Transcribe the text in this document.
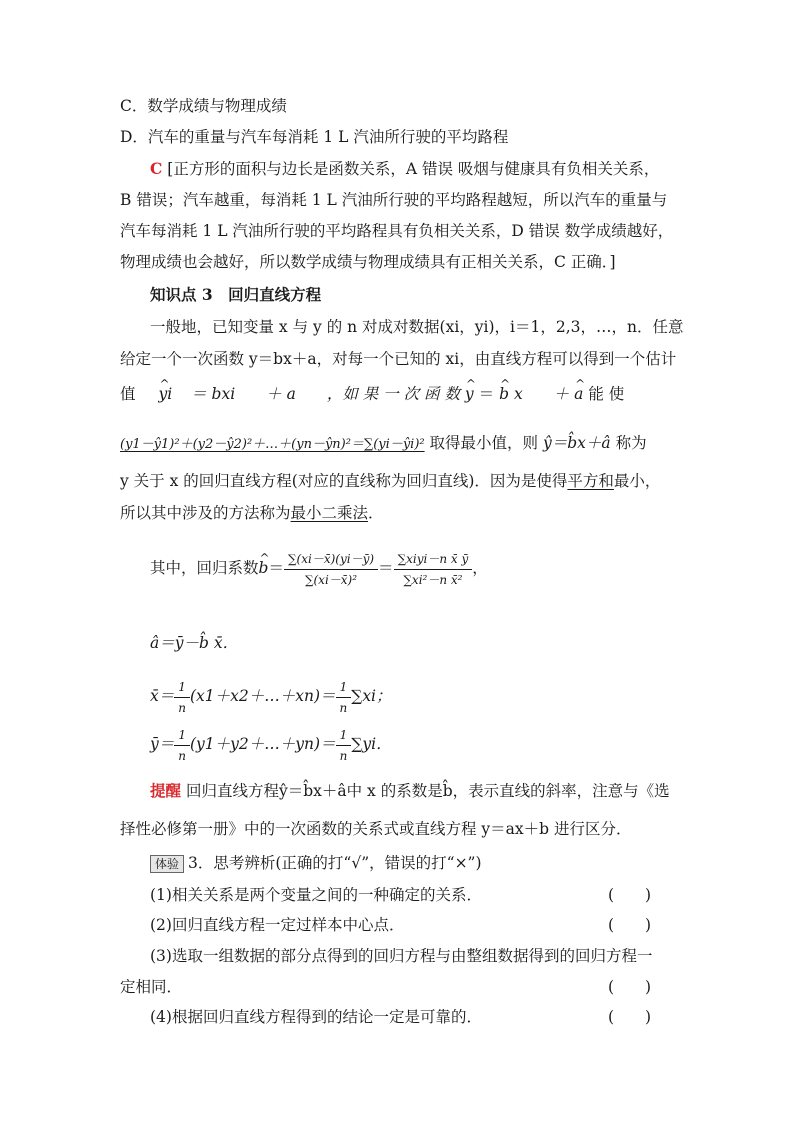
C．数学成绩与物理成绩
D．汽车的重量与汽车每消耗 1 L 汽油所行驶的平均路程
C [正方形的面积与边长是函数关系，A 错误 吸烟与健康具有负相关关系，
B 错误；汽车越重，每消耗 1 L 汽油所行驶的平均路程越短，所以汽车的重量与
汽车每消耗 1 L 汽油所行驶的平均路程具有负相关关系，D 错误 数学成绩越好，
物理成绩也会越好，所以数学成绩与物理成绩具有正相关关系，C 正确．]
知识点 3　回归直线方程
一般地，已知变量 x 与 y 的 n 对成对数据(xi，yi)，i＝1，2,3，…，n．任意
给定一个一次函数 y＝bx＋a，对每一个已知的 xi，由直线方程可以得到一个估计
值 ^ yi ＝ bxi　　＋ a　　，如 果 一 次 函 数 ^ y ＝ ^ b x　　＋ ^ a 能 使
(y1－ŷ1)²＋(y2－ŷ2)²＋…＋(yn－ŷn)²＝∑(yi－ŷi)² 取得最小值，则 ŷ＝b̂x＋â 称为
y 关于 x 的回归直线方程(对应的直线称为回归直线)．因为是使得平方和最小，
所以其中涉及的方法称为最小二乘法．
其中，回归系数^ $b= \frac{\sum(xi-x̄)(yi-ȳ)}{\text{∑(xi－x̄)²}} = \frac{\text{∑xiyi－n x̄ ȳ}}{\text{∑xi²－n x̄²}}$ ，
â＝ȳ－b̂ x̄．
x̄＝ $\frac{1}{n}$ (x1＋x2＋…＋xn)＝ $\frac{1}{n} \sum xi$；
ȳ＝ $\frac{1}{n}$ (y1＋y2＋…＋yn)＝ $\frac{1}{n} \sum yi$．
提醒 回归直线方程ŷ＝b̂x＋â中 x 的系数是b̂，表示直线的斜率，注意与《选
择性必修第一册》中的一次函数的关系式或直线方程 y＝ax＋b 进行区分．
体验 3．思考辨析(正确的打“√”，错误的打“×”)
(1)相关关系是两个变量之间的一种确定的关系．	(　　)
(2)回归直线方程一定过样本中心点．	(　　)
(3)选取一组数据的部分点得到的回归方程与由整组数据得到的回归方程一
定相同．	(　　)
(4)根据回归直线方程得到的结论一定是可靠的．	(　　)
